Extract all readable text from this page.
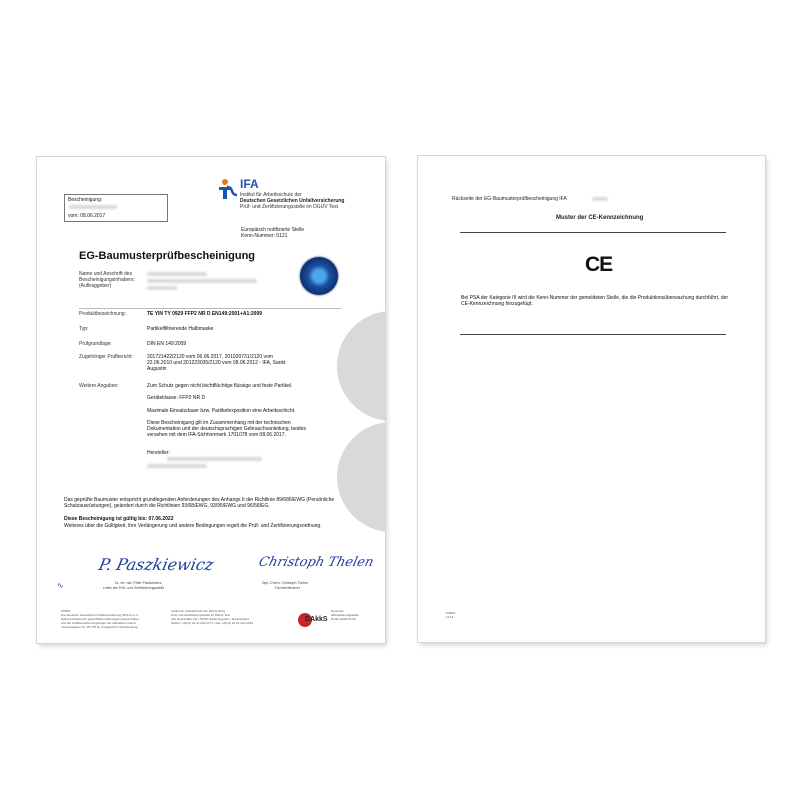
Bescheinigung:
vom: 08.06.2017
IFA
Institut für Arbeitsschutz der
Deutschen Gesetzlichen Unfallversicherung
Prüf- und Zertifizierungsstelle im DGUV Test
Europäisch notifizierte Stelle
Kenn-Nummer: 0121
EG-Baumusterprüfbescheinigung
Name und Anschrift des Bescheinigungsinhabers: (Auftraggeber)
Produktbezeichnung:	TE YIN TY 0929 FFP2 NR D EN149:2001+A1:2009
Typ:	Partikelfiltrierende Halbmaske
Prüfgrundlage:	DIN EN 149:2009
Zugehöriger Prüfbericht:	201721422/2120 vom 06.06.2017, 201020731/2120 vom 22.06.2010 und 201223035/2120 vom 08.06.2012 - IFA, Sankt Augustin
Weitere Angaben:	Zum Schutz gegen nicht leichtflüchtige flüssige und feste Partikel.
Geräteklasse: FFP2 NR D
Maximale Einsatzdauer bzw. Partikelexposition eine Arbeitsschicht.
Diese Bescheinigung gilt im Zusammenhang mit der technischen Dokumentation und der deutschsprachigen Gebrauchsanleitung, beides versehen mit dem IFA-Sichtvermerk 1701078 vom 08.06.2017.
Hersteller:
Das geprüfte Baumuster entspricht grundlegenden Anforderungen des Anhangs II der Richtlinie 89/686/EWG (Persönliche Schutzausrüstungen), geändert durch die Richtlinien 93/68/EWG, 93/95/EWG und 96/58/EG.
Diese Bescheinigung ist gültig bis: 07.06.2022
Weiteres über die Gültigkeit, ihre Verlängerung und andere Bedingungen regelt die Prüf- und Zertifizierungsordnung.
P. Paszkiewicz	Christoph Thelen
∿	Dr. rer. nat. Peter Paszkiewicz
Leiter der Prüf- und Zertifizierungsstelle
Dipl.-Chem. Christoph Thelen
Fachzertifizierer
PZB01
Die Deutsche Gesetzliche Unfallversicherung (DGUV) e.V.
Spitzenverband der gewerblichen Berufsgenossenschaften
und der Unfallversicherungsträger der öffentlichen Hand
Vereinsregister Nr. VR 751 B, Amtsgericht Charlottenburg
Institut für Arbeitsschutz der DGUV (IFA)
Prüf- und Zertifizierungsstelle im DGUV Test
Alte Heerstraße 111 • 53757 Sankt Augustin • Deutschland
Telefon +49 (0) 22 41 231-2771 • Fax +49 (0) 22 41 231-2234	DAkkS
Deutsche
Akkreditierungsstelle
D-ZE-11099-01-00
Rückseite der EG-Baumusterprüfbescheinigung IFA
Muster der CE-Kennzeichnung
CE
Bei PSA der Kategorie III wird die Kenn-Nummer der gemeldeten Stelle, die die Produktionsüberwachung durchführt, der CE-Kennzeichnung hinzugefügt.
PZB01
11.14
